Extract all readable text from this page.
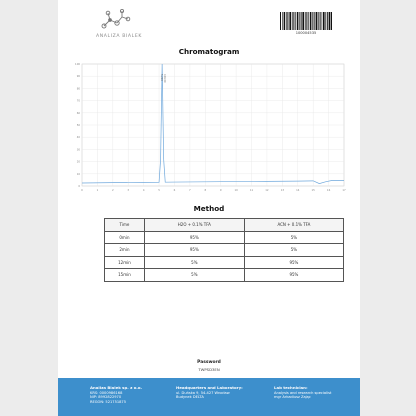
ANALIZA BIALEK
100004535
Chromatogram
0	1	2	3	4	5	6	7	8	9	10	11	12	13	14	15	16	17
100
90
80
70
60
50
40
30
20
10
0
5.200 100.00
Method
Time	H2O + 0.1% TFA	ACN + 0.1% TFA
0min	95%	5%
2min	95%	5%
12min	5%	95%
15min	5%	95%
Password
TWPSD3EN
Analiza Bialek sp. z o.o.
KRS: 0000986168
NIP: 8992822970
REGON: 521751875
Headquarters and Laboratory:
ul. Duńska 9, 54-427 Wrocław
Budynek DELTA
Lab technician:
Analysis and research specialist
mgr Arkadiusz Zając
